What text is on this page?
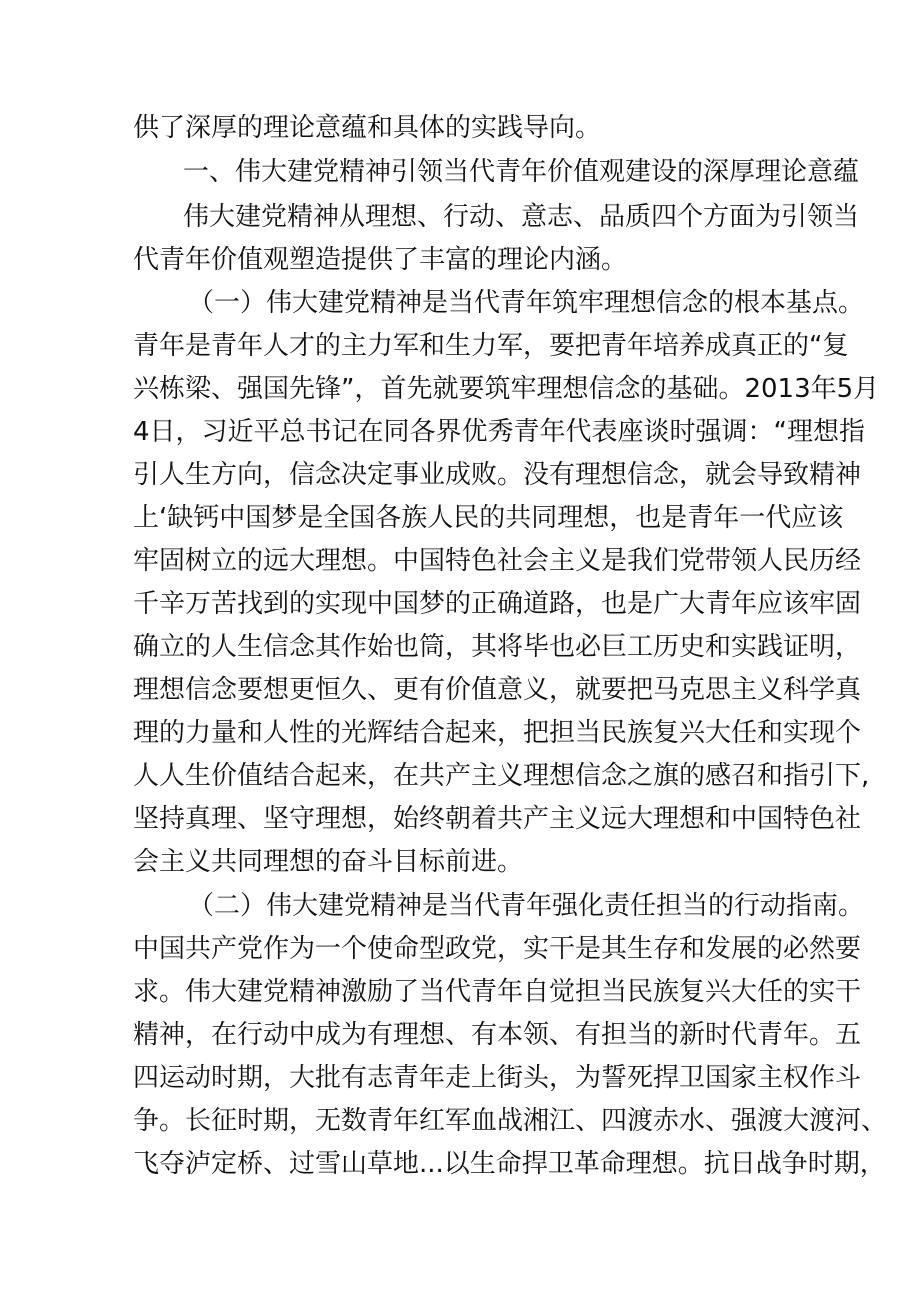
供了深厚的理论意蕴和具体的实践导向。
一、伟大建党精神引领当代青年价值观建设的深厚理论意蕴
伟大建党精神从理想、行动、意志、品质四个方面为引领当
代青年价值观塑造提供了丰富的理论内涵。
（一）伟大建党精神是当代青年筑牢理想信念的根本基点。
青年是青年人才的主力军和生力军，要把青年培养成真正的“复
兴栋梁、强国先锋”，首先就要筑牢理想信念的基础。2013年5月
4日，习近平总书记在同各界优秀青年代表座谈时强调：“理想指
引人生方向，信念决定事业成败。没有理想信念，就会导致精神
上‘缺钙中国梦是全国各族人民的共同理想，也是青年一代应该
牢固树立的远大理想。中国特色社会主义是我们党带领人民历经
千辛万苦找到的实现中国梦的正确道路，也是广大青年应该牢固
确立的人生信念其作始也筒，其将毕也必巨工历史和实践证明，
理想信念要想更恒久、更有价值意义，就要把马克思主义科学真
理的力量和人性的光辉结合起来，把担当民族复兴大任和实现个
人人生价值结合起来，在共产主义理想信念之旗的感召和指引下,
坚持真理、坚守理想，始终朝着共产主义远大理想和中国特色社
会主义共同理想的奋斗目标前进。
（二）伟大建党精神是当代青年强化责任担当的行动指南。
中国共产党作为一个使命型政党，实干是其生存和发展的必然要
求。伟大建党精神激励了当代青年自觉担当民族复兴大任的实干
精神，在行动中成为有理想、有本领、有担当的新时代青年。五
四运动时期，大批有志青年走上街头，为誓死捍卫国家主权作斗
争。长征时期，无数青年红军血战湘江、四渡赤水、强渡大渡河、
飞夺泸定桥、过雪山草地...以生命捍卫革命理想。抗日战争时期，
